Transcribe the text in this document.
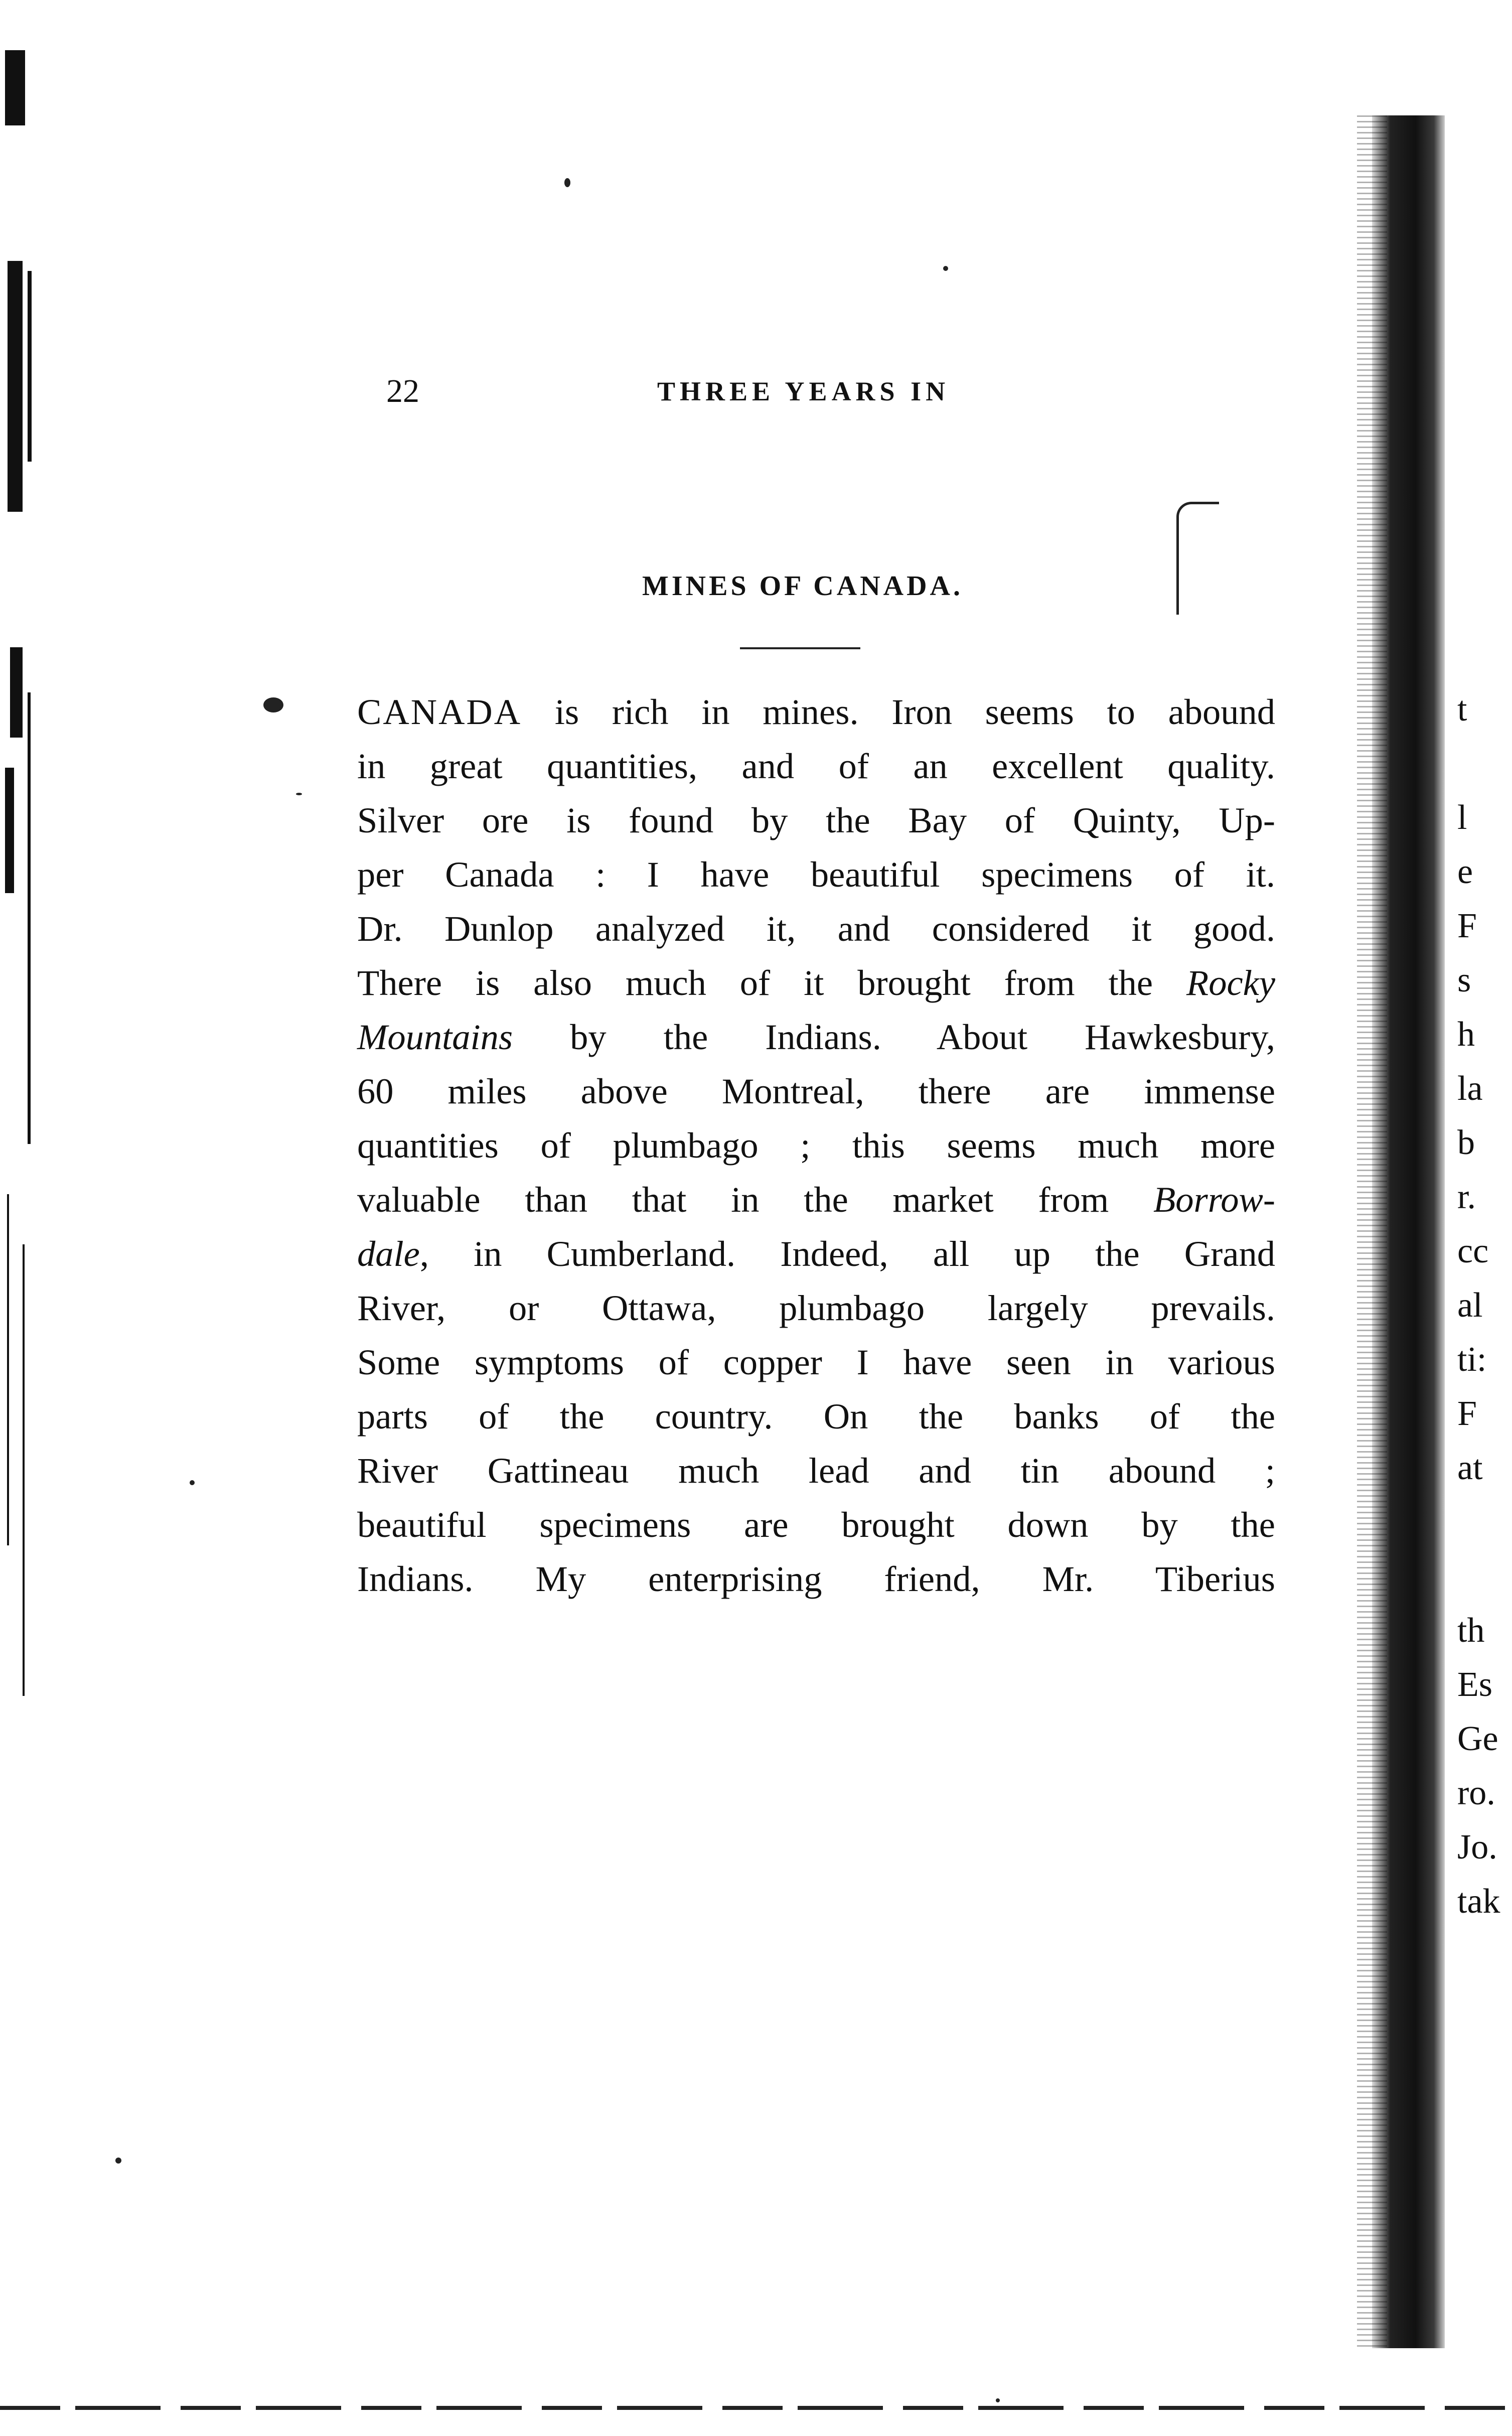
22	THREE YEARS IN
MINES OF CANADA.
CANADA is rich in mines. Iron seems to abound
in great quantities, and of an excellent quality.
Silver ore is found by the Bay of Quinty, Up-
per Canada : I have beautiful specimens of it.
Dr. Dunlop analyzed it, and considered it good.
There is also much of it brought from the Rocky
Mountains by the Indians. About Hawkesbury,
60 miles above Montreal, there are immense
quantities of plumbago ; this seems much more
valuable than that in the market from Borrow-
dale, in Cumberland. Indeed, all up the Grand
River, or Ottawa, plumbago largely prevails.
Some symptoms of copper I have seen in various
parts of the country. On the banks of the
River Gattineau much lead and tin abound ;
beautiful specimens are brought down by the
Indians. My enterprising friend, Mr. Tiberius
t
l
e
F
s
h
la
b
r.
cc
al
ti:
F
at
th
Es
Ge
ro.
Jo.
tak
